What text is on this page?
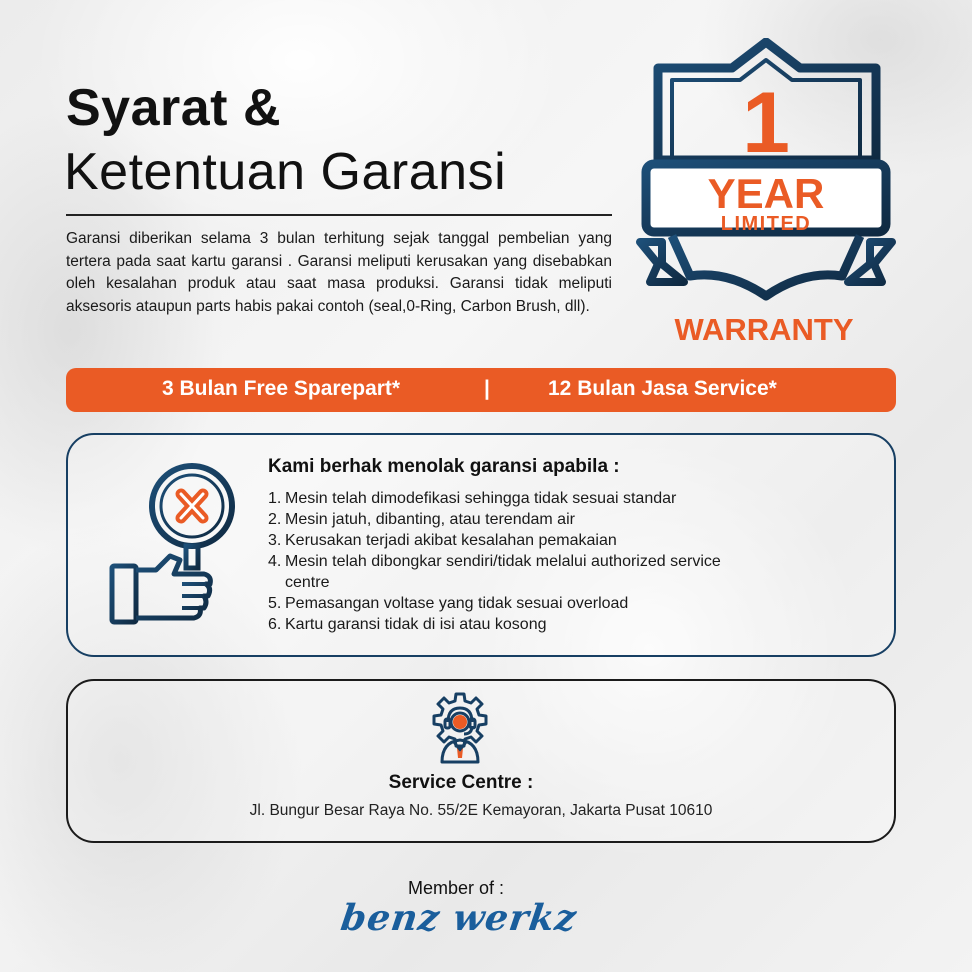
Syarat &
Ketentuan Garansi
Garansi diberikan selama 3 bulan terhitung sejak tanggal pembelian yang tertera pada saat kartu garansi . Garansi meliputi kerusakan yang disebabkan oleh kesalahan produk atau saat masa produksi. Garansi tidak meliputi aksesoris ataupun parts habis pakai contoh (seal,0-Ring, Carbon Brush, dll).
1
YEAR
LIMITED
WARRANTY
3 Bulan Free Sparepart*	|	12 Bulan Jasa Service*
Kami berhak menolak garansi apabila :
1. Mesin telah dimodefikasi sehingga tidak sesuai standar
2. Mesin jatuh, dibanting, atau terendam air
3. Kerusakan terjadi akibat kesalahan pemakaian
4. Mesin telah dibongkar sendiri/tidak melalui authorized service centre
5. Pemasangan voltase yang tidak sesuai overload
6. Kartu garansi tidak di isi atau kosong
Service Centre :
Jl. Bungur Besar Raya No. 55/2E Kemayoran, Jakarta Pusat 10610
Member of :
benz werkz
